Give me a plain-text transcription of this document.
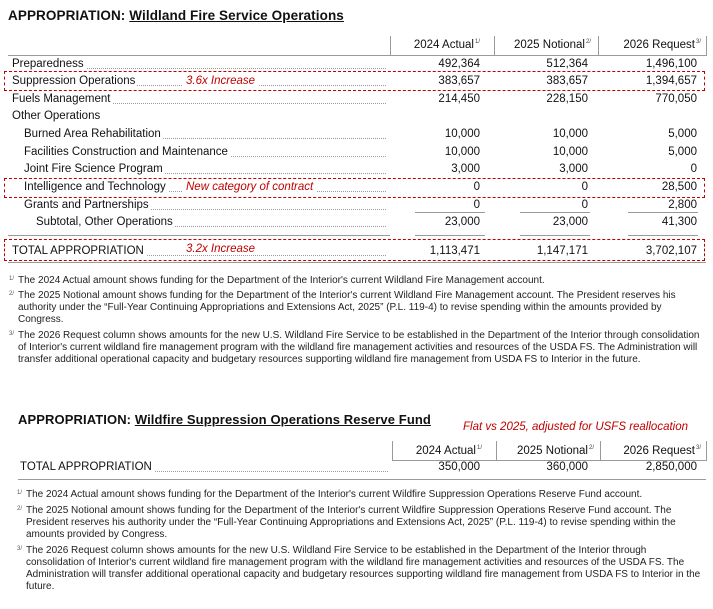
APPROPRIATION: Wildland Fire Service Operations
2024 Actual$^{1/}$	2025 Notional$^{2/}$	2026 Request$^{3/}$
Preparedness	492,364	512,364	1,496,100
Suppression Operations	383,657	383,657	1,394,657
Fuels Management	214,450	228,150	770,050
Other Operations
Burned Area Rehabilitation	10,000	10,000	5,000
Facilities Construction and Maintenance	10,000	10,000	5,000
Joint Fire Science Program	3,000	3,000	0
Intelligence and Technology	0	0	28,500
Grants and Partnerships	0	0	2,800
Subtotal, Other Operations	23,000	23,000	41,300
TOTAL APPROPRIATION	1,113,471	1,147,171	3,702,107
3.6x Increase
New category of contract
3.2x Increase
1/ The 2024 Actual amount shows funding for the Department of the Interior's current Wildland Fire Management account.
2/ The 2025 Notional amount shows funding for the Department of the Interior's current Wildland Fire Management account. The President reserves his authority under the “Full-Year Continuing Appropriations and Extensions Act, 2025” (P.L. 119-4) to revise spending within the amounts provided by Congress.
3/ The 2026 Request column shows amounts for the new U.S. Wildland Fire Service to be established in the Department of the Interior through consolidation of Interior's current wildland fire management program with the wildland fire management activities and resources of the USDA FS. The Administration will transfer additional operational capacity and budgetary resources supporting wildland fire management from USDA FS to Interior in the future.
APPROPRIATION: Wildfire Suppression Operations Reserve Fund	Flat vs 2025, adjusted for USFS reallocation
2024 Actual$^{1/}$	2025 Notional$^{2/}$	2026 Request$^{3/}$
TOTAL APPROPRIATION	350,000	360,000	2,850,000
1/ The 2024 Actual amount shows funding for the Department of the Interior's current Wildfire Suppression Operations Reserve Fund account.
2/ The 2025 Notional amount shows funding for the Department of the Interior's current Wildfire Suppression Operations Reserve Fund account. The President reserves his authority under the “Full-Year Continuing Appropriations and Extensions Act, 2025” (P.L. 119-4) to revise spending within the amounts provided by Congress.
3/ The 2026 Request column shows amounts for the new U.S. Wildland Fire Service to be established in the Department of the Interior through consolidation of Interior's current wildland fire management program with the wildland fire management activities and resources of the USDA FS. The Administration will transfer additional operational capacity and budgetary resources supporting wildland fire management from USDA FS to Interior in the future.
